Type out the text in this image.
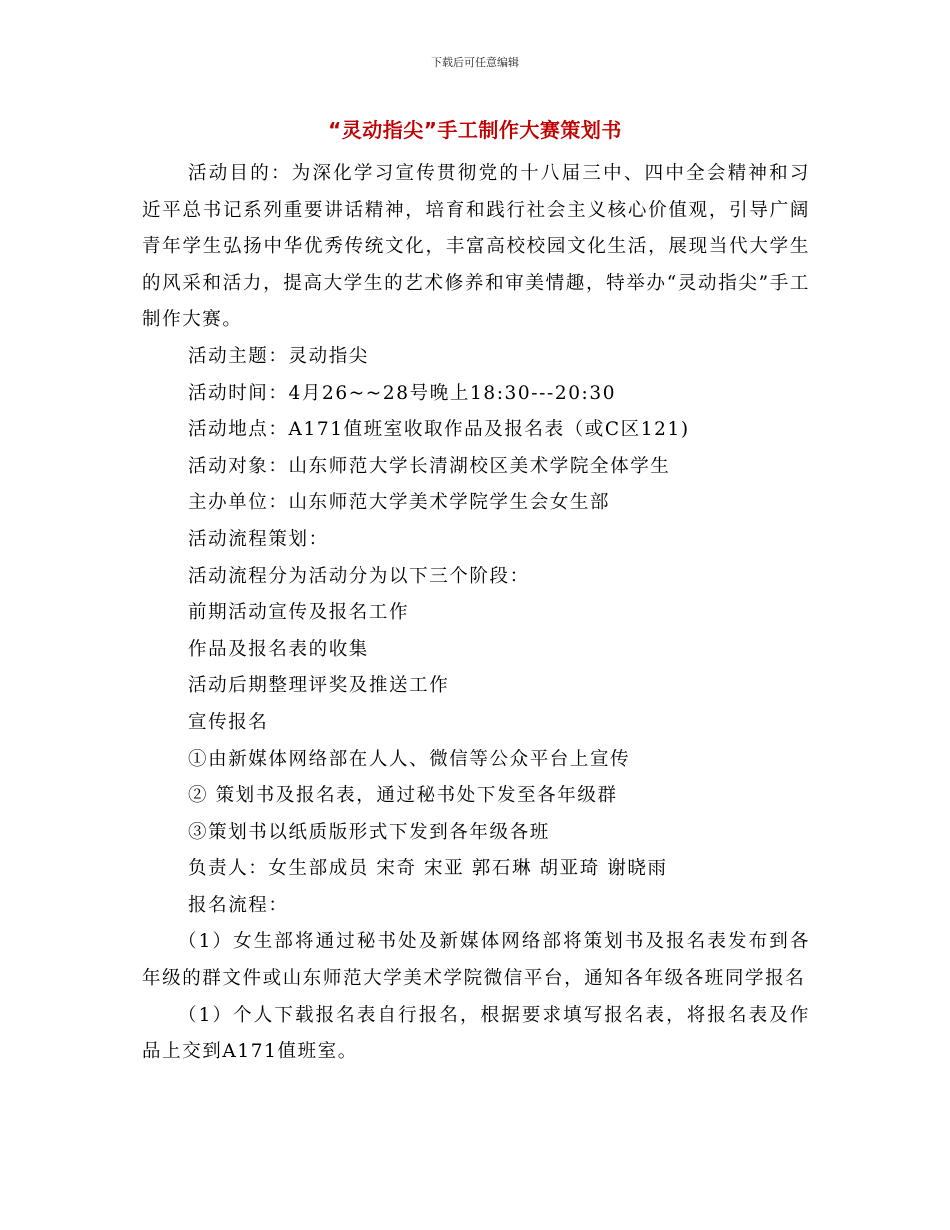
下载后可任意编辑
“灵动指尖”手工制作大赛策划书

活动目的：为深化学习宣传贯彻党的十八届三中、四中全会精神和习近平总书记系列重要讲话精神，培育和践行社会主义核心价值观，引导广阔青年学生弘扬中华优秀传统文化，丰富高校校园文化生活，展现当代大学生的风采和活力，提高大学生的艺术修养和审美情趣，特举办“灵动指尖”手工制作大赛。

活动主题：灵动指尖

活动时间：4月26~~28号晚上18:30---20:30

活动地点：A171值班室收取作品及报名表（或C区121)

活动对象：山东师范大学长清湖校区美术学院全体学生

主办单位：山东师范大学美术学院学生会女生部

活动流程策划：

活动流程分为活动分为以下三个阶段：

前期活动宣传及报名工作

作品及报名表的收集

活动后期整理评奖及推送工作

宣传报名

①由新媒体网络部在人人、微信等公众平台上宣传

② 策划书及报名表，通过秘书处下发至各年级群

③策划书以纸质版形式下发到各年级各班

负责人：女生部成员 宋奇 宋亚 郭石琳 胡亚琦 谢晓雨

报名流程：

（1）女生部将通过秘书处及新媒体网络部将策划书及报名表发布到各年级的群文件或山东师范大学美术学院微信平台，通知各年级各班同学报名

（1）个人下载报名表自行报名，根据要求填写报名表，将报名表及作品上交到A171值班室。
